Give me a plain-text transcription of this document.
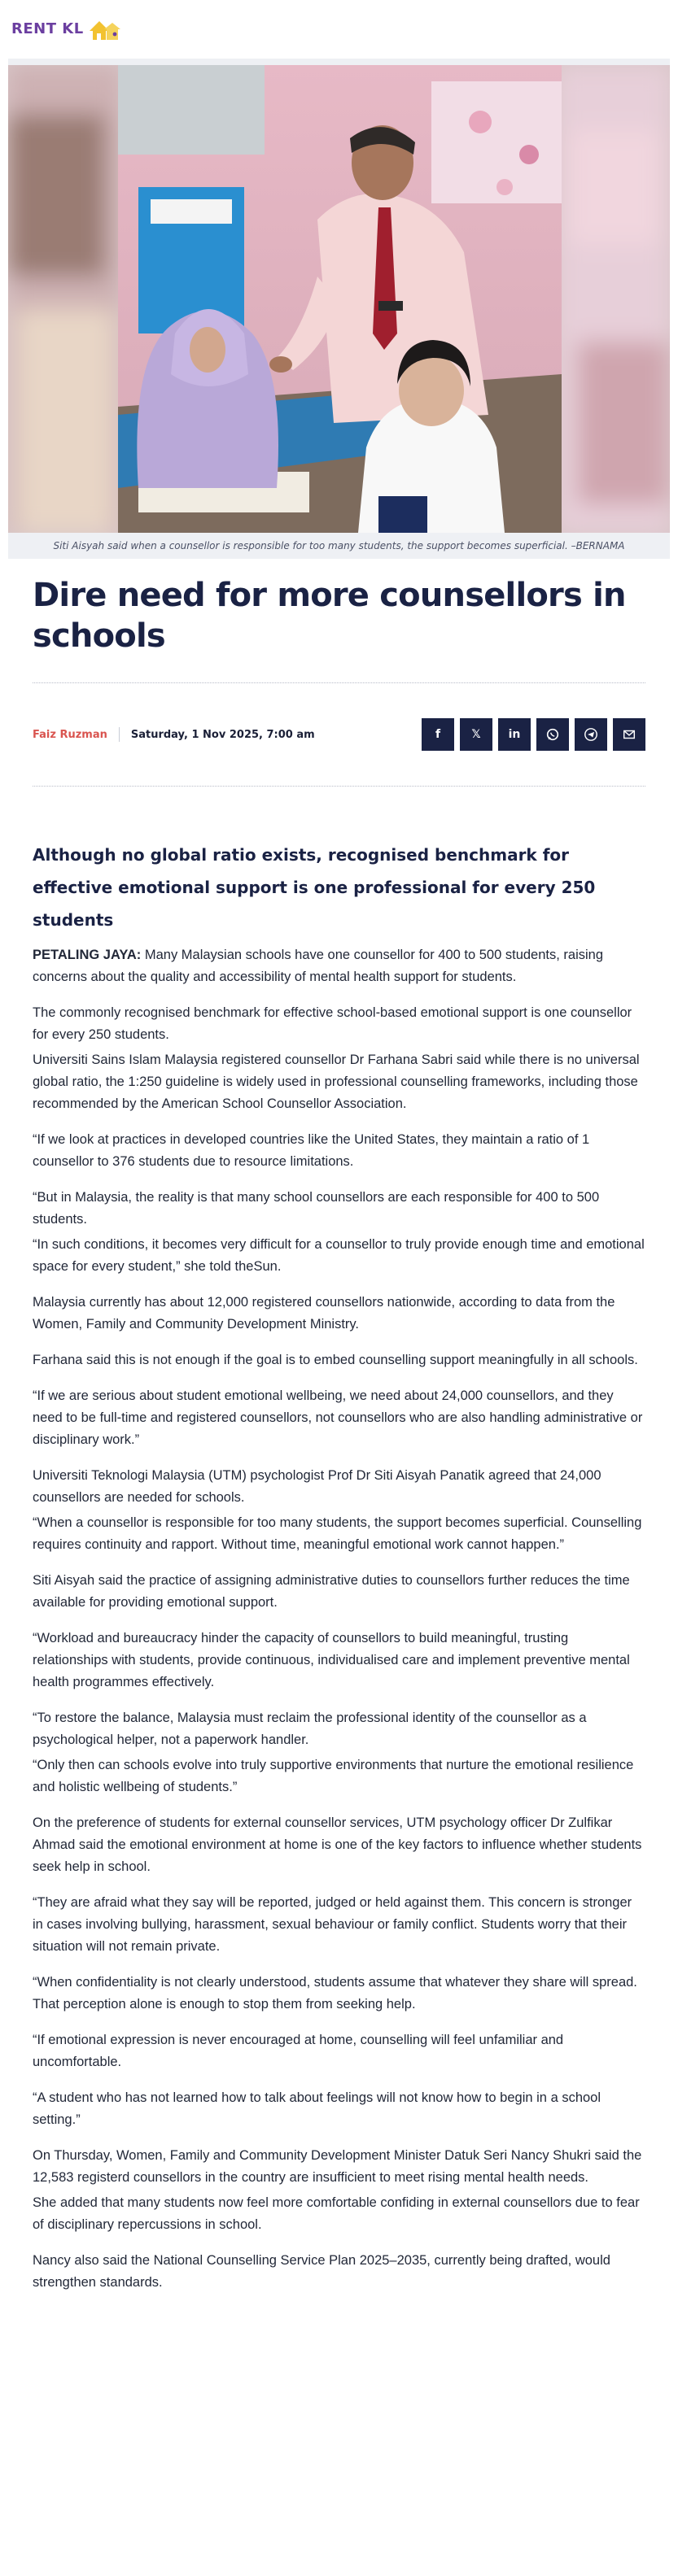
RENT KL
Siti Aisyah said when a counsellor is responsible for too many students, the support becomes superficial. –BERNAMA
Dire need for more counsellors in schools
Faiz Ruzman Saturday, 1 Nov 2025, 7:00 am	f	𝕏 in
Although no global ratio exists, recognised benchmark for effective emotional support is one professional for every 250 students

PETALING JAYA: Many Malaysian schools have one counsellor for 400 to 500 students, raising concerns about the quality and accessibility of mental health support for students.

The commonly recognised benchmark for effective school-based emotional support is one counsellor for every 250 students.

Universiti Sains Islam Malaysia registered counsellor Dr Farhana Sabri said while there is no universal global ratio, the 1:250 guideline is widely used in professional counselling frameworks, including those recommended by the American School Counsellor Association.

“If we look at practices in developed countries like the United States, they maintain a ratio of 1 counsellor to 376 students due to resource limitations.

“But in Malaysia, the reality is that many school counsellors are each responsible for 400 to 500 students.

“In such conditions, it becomes very difficult for a counsellor to truly provide enough time and emotional space for every student,” she told theSun.

Malaysia currently has about 12,000 registered counsellors nationwide, according to data from the Women, Family and Community Development Ministry.

Farhana said this is not enough if the goal is to embed counselling support meaningfully in all schools.

“If we are serious about student emotional wellbeing, we need about 24,000 counsellors, and they need to be full-time and registered counsellors, not counsellors who are also handling administrative or disciplinary work.”

Universiti Teknologi Malaysia (UTM) psychologist Prof Dr Siti Aisyah Panatik agreed that 24,000 counsellors are needed for schools.

“When a counsellor is responsible for too many students, the support becomes superficial. Counselling requires continuity and rapport. Without time, meaningful emotional work cannot happen.”

Siti Aisyah said the practice of assigning administrative duties to counsellors further reduces the time available for providing emotional support.

“Workload and bureaucracy hinder the capacity of counsellors to build meaningful, trusting relationships with students, provide continuous, individualised care and implement preventive mental health programmes effectively.

“To restore the balance, Malaysia must reclaim the professional identity of the counsellor as a psychological helper, not a paperwork handler.

“Only then can schools evolve into truly supportive environments that nurture the emotional resilience and holistic wellbeing of students.”

On the preference of students for external counsellor services, UTM psychology officer Dr Zulfikar Ahmad said the emotional environment at home is one of the key factors to influence whether students seek help in school.

“They are afraid what they say will be reported, judged or held against them. This concern is stronger in cases involving bullying, harassment, sexual behaviour or family conflict. Students worry that their situation will not remain private.

“When confidentiality is not clearly understood, students assume that whatever they share will spread. That perception alone is enough to stop them from seeking help.

“If emotional expression is never encouraged at home, counselling will feel unfamiliar and uncomfortable.

“A student who has not learned how to talk about feelings will not know how to begin in a school setting.”

On Thursday, Women, Family and Community Development Minister Datuk Seri Nancy Shukri said the 12,583 registerd counsellors in the country are insufficient to meet rising mental health needs.

She added that many students now feel more comfortable confiding in external counsellors due to fear of disciplinary repercussions in school.

Nancy also said the National Counselling Service Plan 2025–2035, currently being drafted, would strengthen standards.
